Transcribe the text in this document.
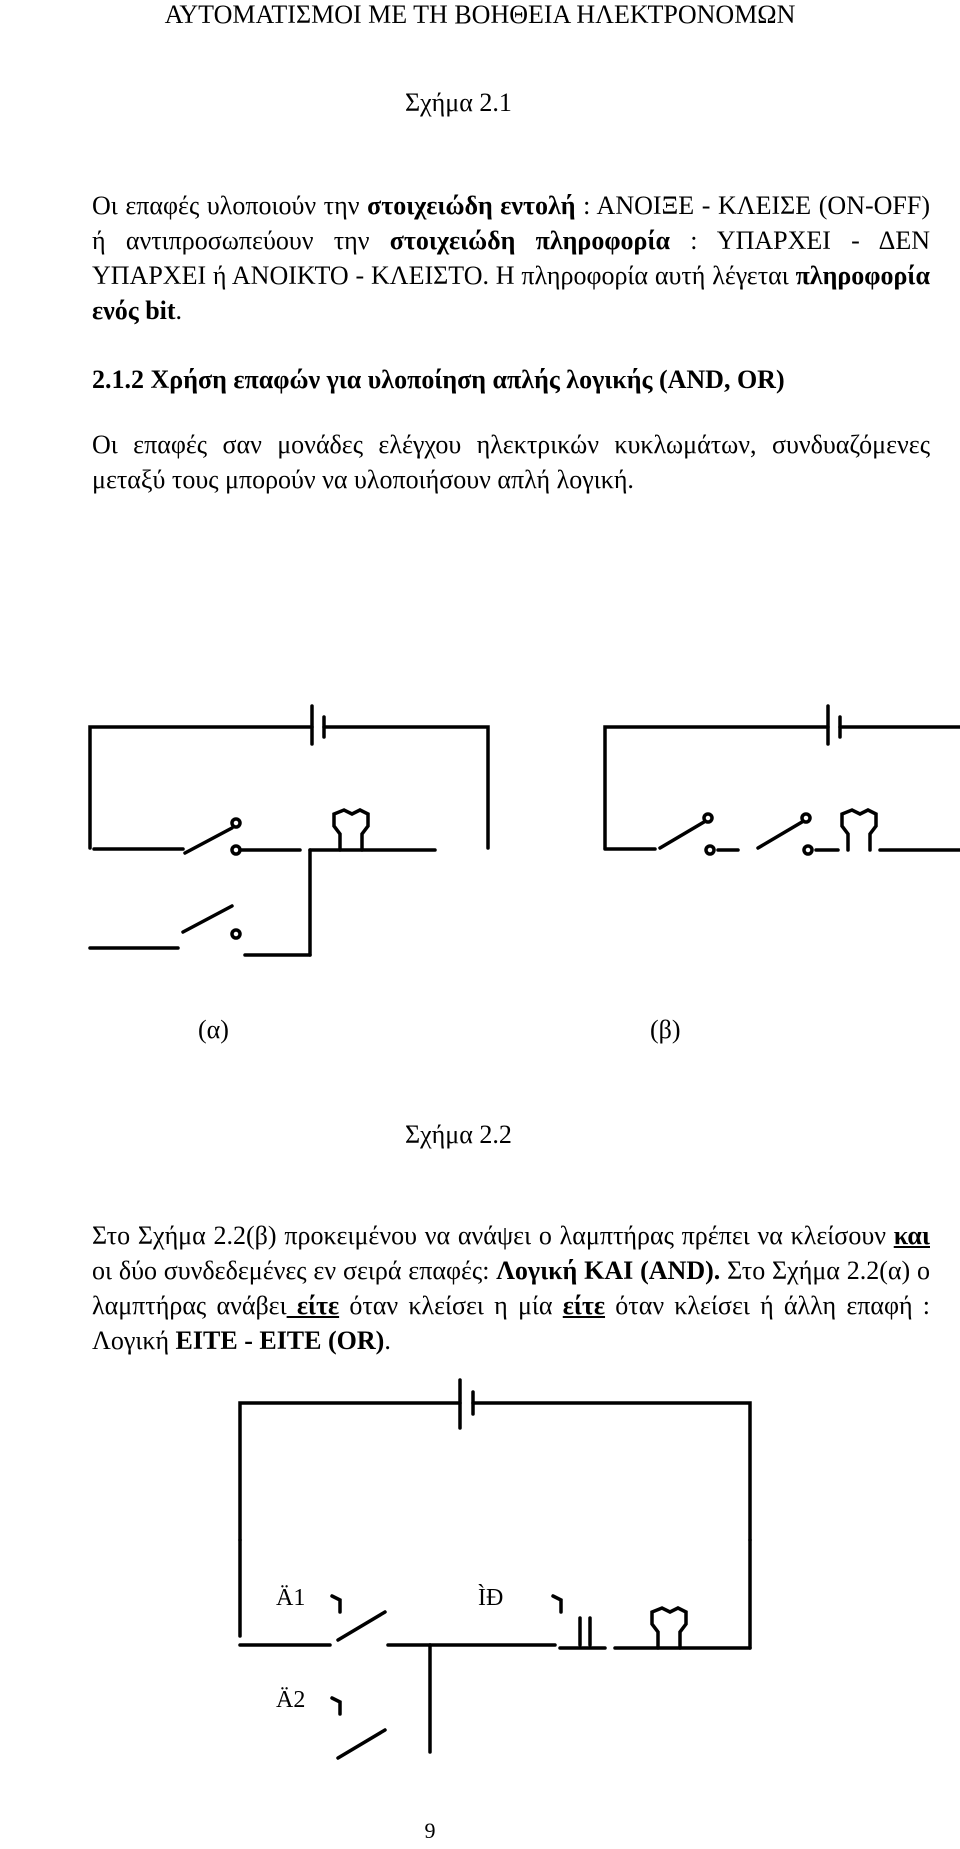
ΑΥΤΟΜΑΤΙΣΜΟΙ ΜΕ ΤΗ ΒΟΗΘΕΙΑ ΗΛΕΚΤΡΟΝΟΜΩΝ
Σχήμα 2.1

Οι επαφές υλοποιούν την στοιχειώδη εντολή : ΑΝΟΙΞΕ - ΚΛΕΙΣΕ (ON-OFF) ή αντιπροσωπεύουν την στοιχειώδη πληροφορία : ΥΠΑΡΧΕΙ - ΔΕΝ ΥΠΑΡΧΕΙ ή ΑΝΟΙΚΤΟ - ΚΛΕΙΣΤΟ. Η πληροφορία αυτή λέγεται πληροφορία ενός bit.

2.1.2 Χρήση επαφών για υλοποίηση απλής λογικής (AND, OR)

Οι επαφές σαν μονάδες ελέγχου ηλεκτρικών κυκλωμάτων, συνδυαζόμενες μεταξύ τους μπορούν να υλοποιήσουν απλή λογική.

Ä1	ÌÐ
Ä2
(α)	(β)
Σχήμα 2.2

Στο Σχήμα 2.2(β) προκειμένου να ανάψει ο λαμπτήρας πρέπει να κλείσουν και οι δύο συνδεδεμένες εν σειρά επαφές: Λογική ΚΑΙ (AND). Στο Σχήμα 2.2(α) ο λαμπτήρας ανάβει είτε όταν κλείσει η μία είτε όταν κλείσει ή άλλη επαφή : Λογική ΕΙΤΕ - ΕΙΤΕ (OR).

9
